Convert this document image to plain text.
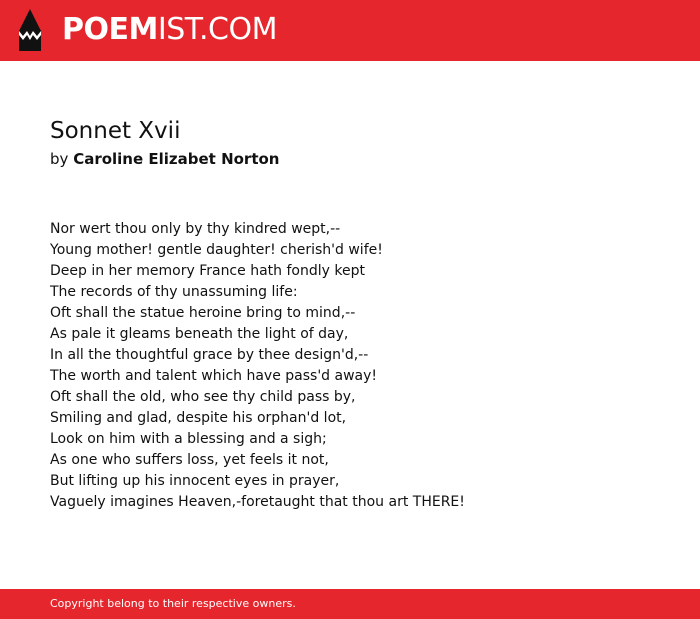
POEMIST.COM
Sonnet Xvii
by Caroline Elizabet Norton
Nor wert thou only by thy kindred wept,--
Young mother! gentle daughter! cherish'd wife!
Deep in her memory France hath fondly kept
The records of thy unassuming life:
Oft shall the statue heroine bring to mind,--
As pale it gleams beneath the light of day,
In all the thoughtful grace by thee design'd,--
The worth and talent which have pass'd away!
Oft shall the old, who see thy child pass by,
Smiling and glad, despite his orphan'd lot,
Look on him with a blessing and a sigh;
As one who suffers loss, yet feels it not,
But lifting up his innocent eyes in prayer,
Vaguely imagines Heaven,-foretaught that thou art THERE!
Copyright belong to their respective owners.
